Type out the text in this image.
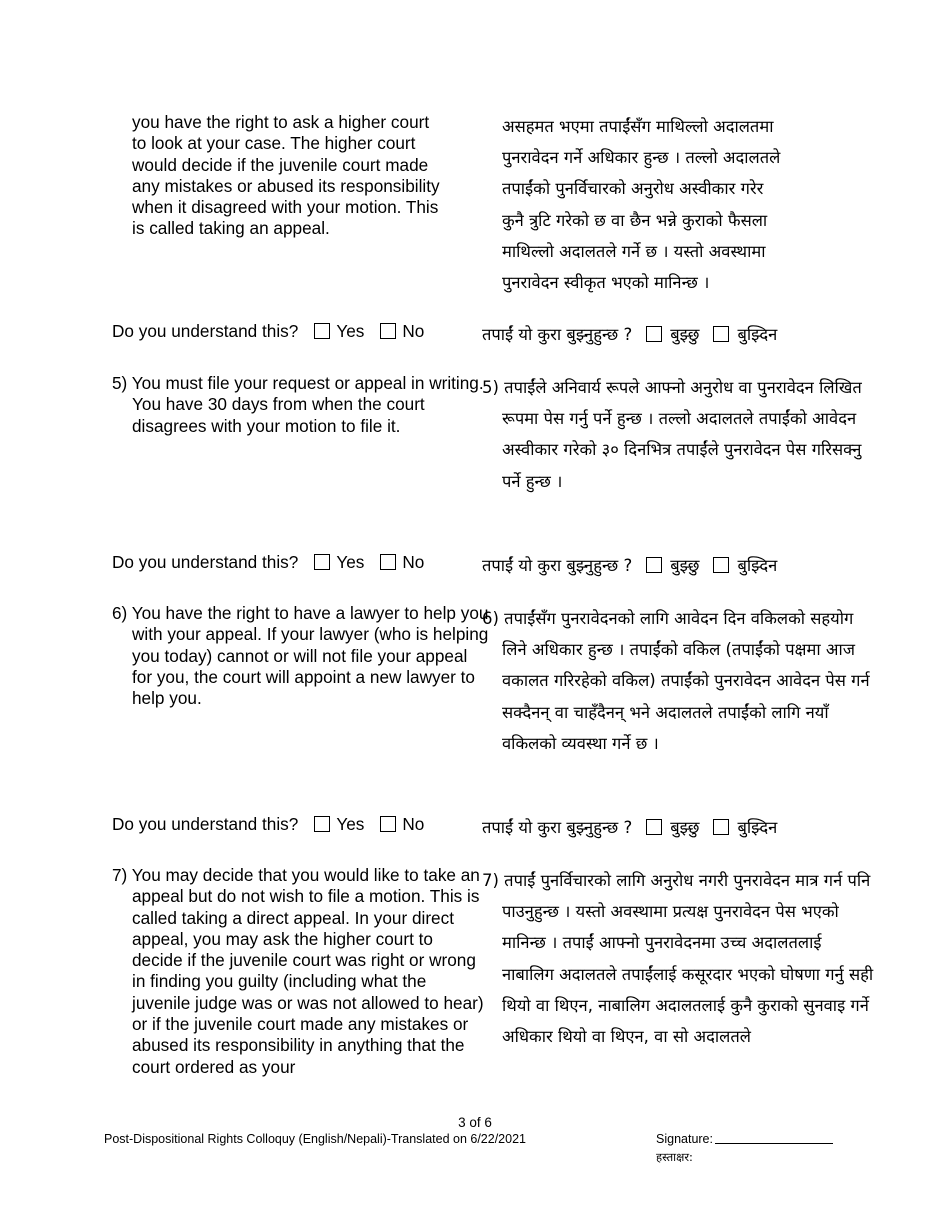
you have the right to ask a higher court
to look at your case. The higher court
would decide if the juvenile court made
any mistakes or abused its responsibility
when it disagreed with your motion. This
is called taking an appeal.
असहमत भएमा तपाईंसँग माथिल्लो अदालतमा
पुनरावेदन गर्ने अधिकार हुन्छ । तल्लो अदालतले
तपाईंको पुनर्विचारको अनुरोध अस्वीकार गरेर
कुनै त्रुटि गरेको छ वा छैन भन्ने कुराको फैसला
माथिल्लो अदालतले गर्ने छ । यस्तो अवस्थामा
पुनरावेदन स्वीकृत भएको मानिन्छ ।
Do you understand this? Yes No	तपाईं यो कुरा बुझ्नुहुन्छ ? बुझ्छु बुझ्दिन
5) You must file your request or appeal in writing. You have 30 days from when the court disagrees with your motion to file it.
5) तपाईंले अनिवार्य रूपले आफ्नो अनुरोध वा पुनरावेदन लिखित रूपमा पेस गर्नु पर्ने हुन्छ । तल्लो अदालतले तपाईंको आवेदन अस्वीकार गरेको ३० दिनभित्र तपाईंले पुनरावेदन पेस गरिसक्नु पर्ने हुन्छ ।
Do you understand this? Yes No	तपाईं यो कुरा बुझ्नुहुन्छ ? बुझ्छु बुझ्दिन
6) You have the right to have a lawyer to help you with your appeal. If your lawyer (who is helping you today) cannot or will not file your appeal for you, the court will appoint a new lawyer to help you.
6) तपाईंसँग पुनरावेदनको लागि आवेदन दिन वकिलको सहयोग लिने अधिकार हुन्छ । तपाईंको वकिल (तपाईंको पक्षमा आज वकालत गरिरहेको वकिल) तपाईंको पुनरावेदन आवेदन पेस गर्न सक्दैनन् वा चाहँदैनन् भने अदालतले तपाईंको लागि नयाँ वकिलको व्यवस्था गर्ने छ ।
Do you understand this? Yes No	तपाईं यो कुरा बुझ्नुहुन्छ ? बुझ्छु बुझ्दिन
7) You may decide that you would like to take an appeal but do not wish to file a motion. This is called taking a direct appeal. In your direct appeal, you may ask the higher court to decide if the juvenile court was right or wrong in finding you guilty (including what the juvenile judge was or was not allowed to hear) or if the juvenile court made any mistakes or abused its responsibility in anything that the court ordered as your
7) तपाईं पुनर्विचारको लागि अनुरोध नगरी पुनरावेदन मात्र गर्न पनि पाउनुहुन्छ । यस्तो अवस्थामा प्रत्यक्ष पुनरावेदन पेस भएको मानिन्छ । तपाईं आफ्नो पुनरावेदनमा उच्च अदालतलाई नाबालिग अदालतले तपाईंलाई कसूरदार भएको घोषणा गर्नु सही थियो वा थिएन, नाबालिग अदालतलाई कुनै कुराको सुनवाइ गर्ने अधिकार थियो वा थिएन, वा सो अदालतले
3 of 6
Post-Dispositional Rights Colloquy (English/Nepali)-Translated on 6/22/2021	Signature:
हस्ताक्षर:
